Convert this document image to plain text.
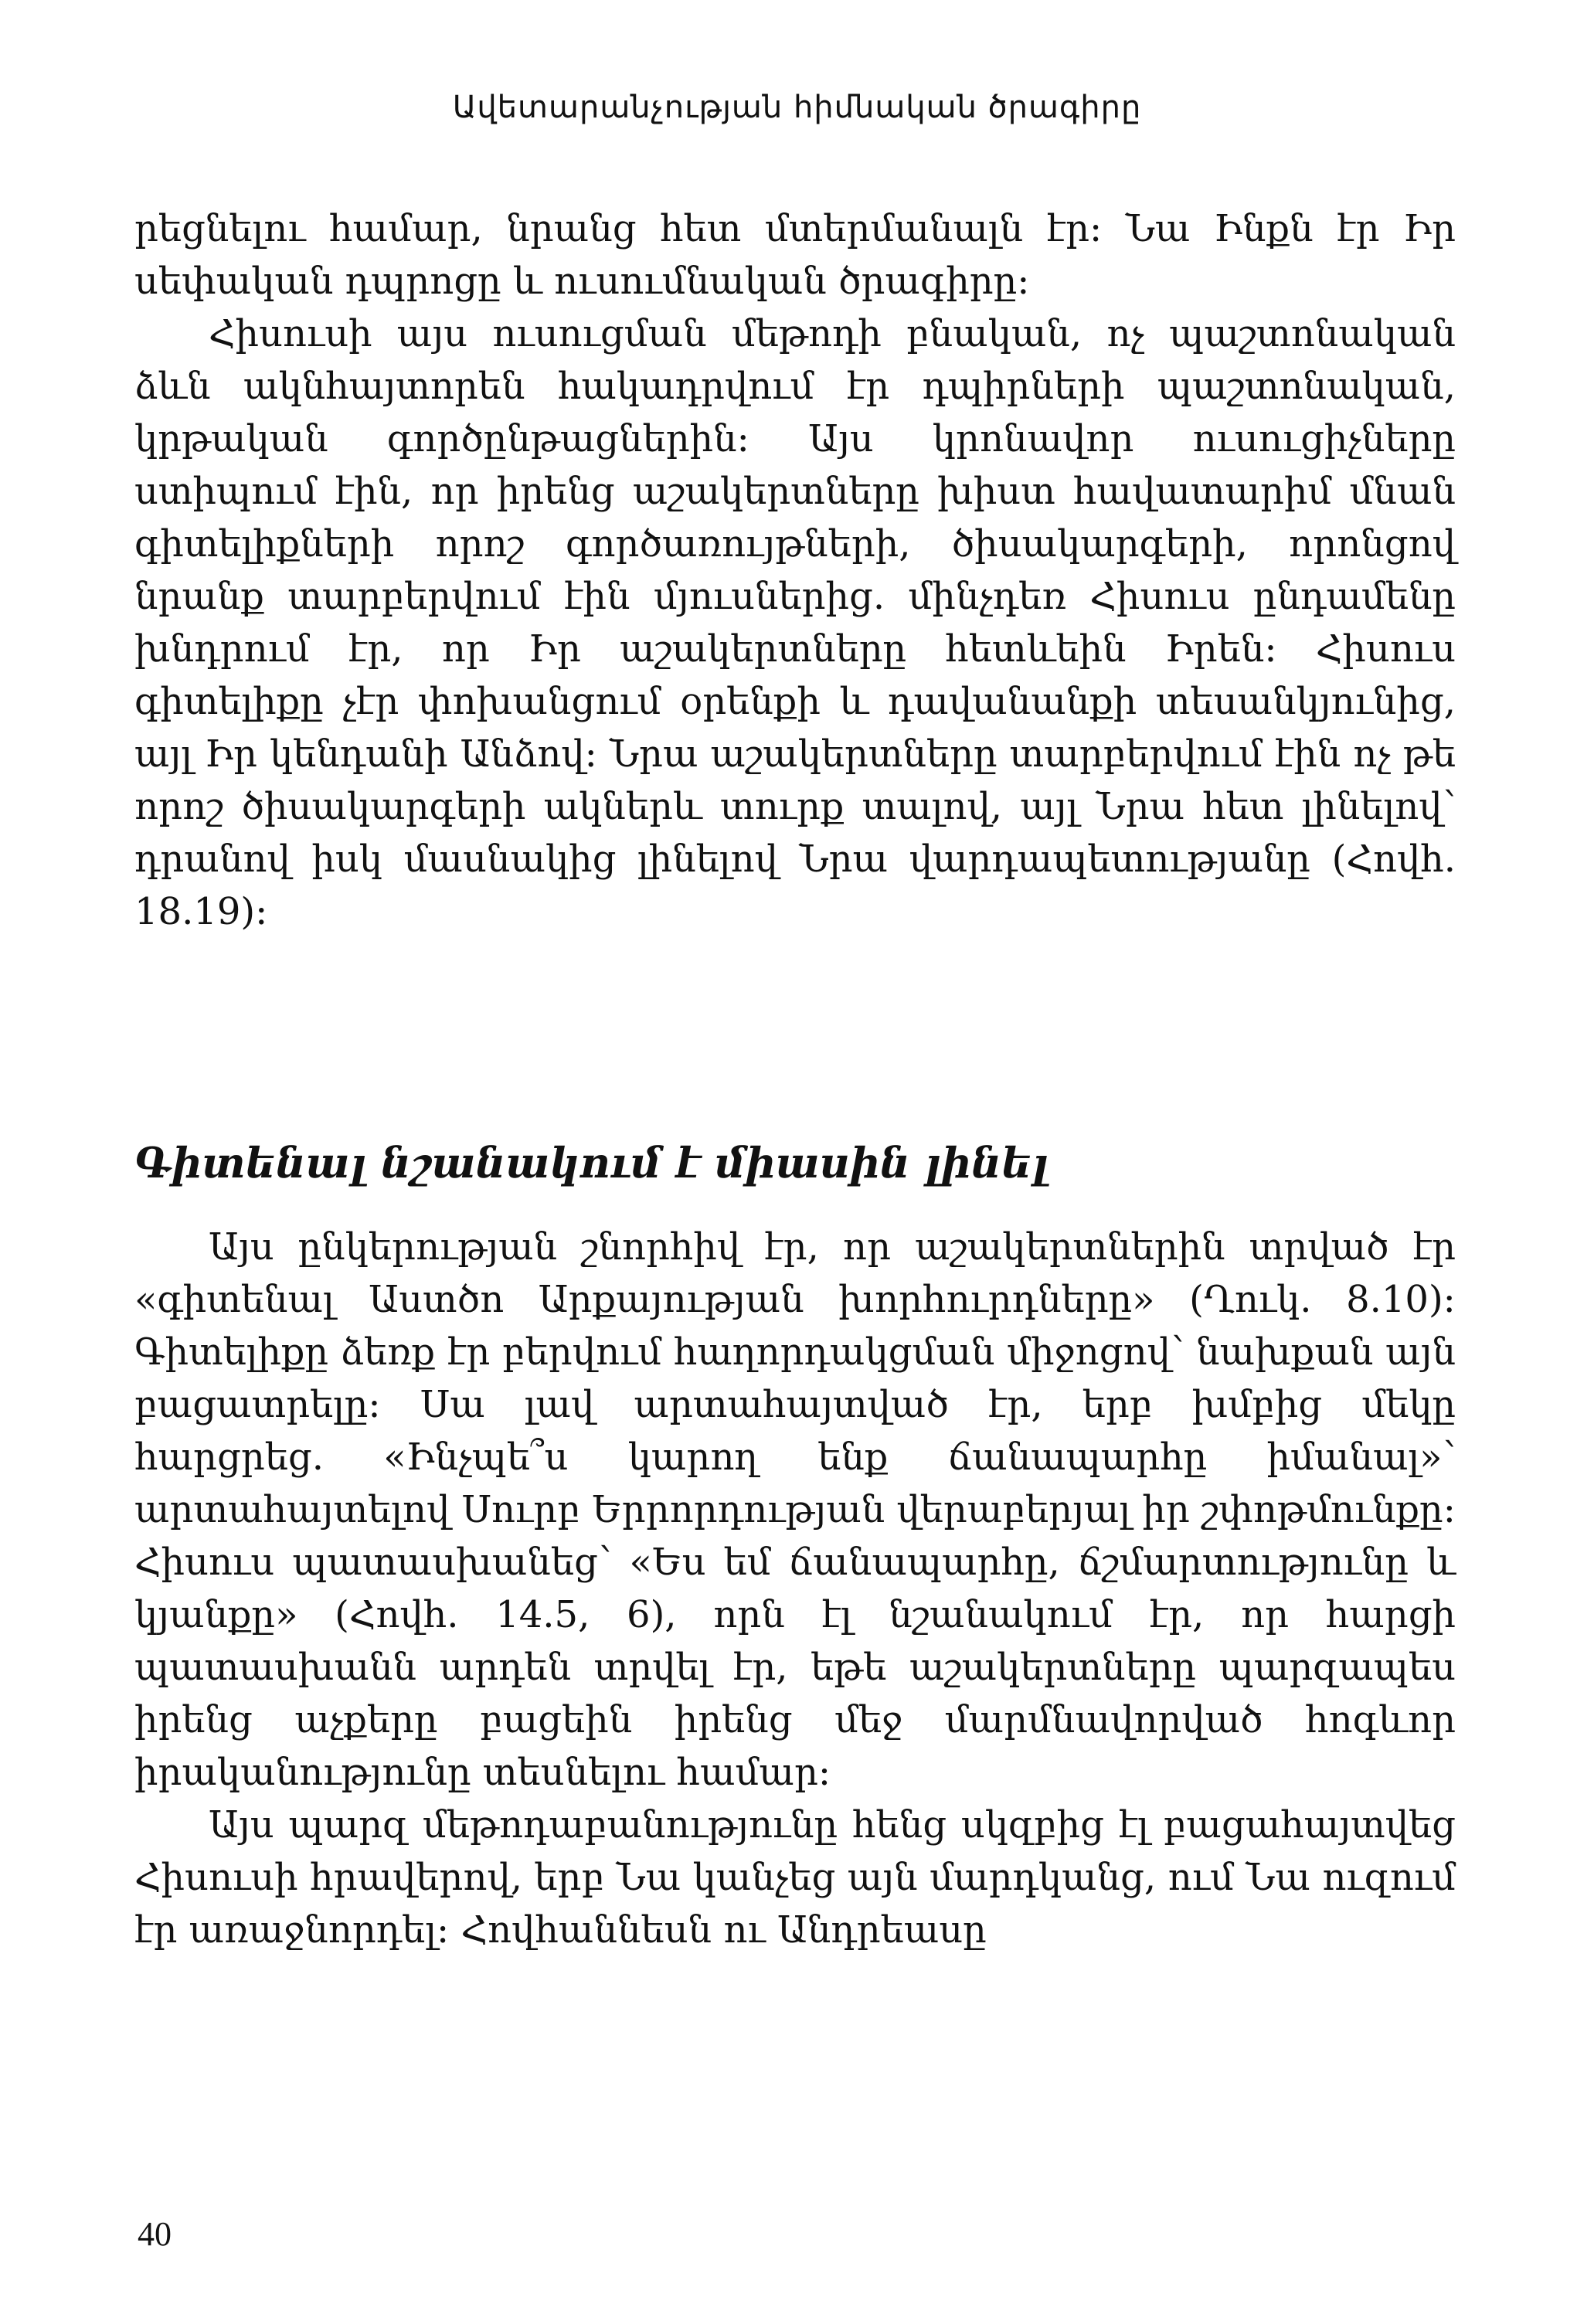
Ավետարանչության հիմնական ծրագիրը

րեցնելու համար, նրանց հետ մտերմանալն էր։ Նա Ինքն էր Իր սեփական դպրոցը և ուսումնական ծրագիրը։

Հիսուսի այս ուսուցման մեթոդի բնական, ոչ պաշտոնական ձևն ակնհայտորեն հակադրվում էր դպիրների պաշտոնական, կրթական գործընթացներին։ Այս կրոնավոր ուսուցիչները ստիպում էին, որ իրենց աշակերտները խիստ հավատարիմ մնան գիտելիքների որոշ գործառույթների, ծիսակարգերի, որոնցով նրանք տարբերվում էին մյուսներից. մինչդեռ Հիսուս ընդամենը խնդրում էր, որ Իր աշակերտները հետևեին Իրեն։ Հիսուս գիտելիքը չէր փոխանցում օրենքի և դավանանքի տեսանկյունից, այլ Իր կենդանի Անձով։ Նրա աշակերտները տարբերվում էին ոչ թե որոշ ծիսակարգերի ակներև տուրք տալով, այլ Նրա հետ լինելով՝ դրանով իսկ մասնակից լինելով Նրա վարդապետությանը (Հովհ. 18.19)։

Գիտենալ նշանակում է միասին լինել

Այս ընկերության շնորհիվ էր, որ աշակերտներին տրված էր «գիտենալ Աստծո Արքայության խորհուրդները» (Ղուկ. 8.10)։ Գիտելիքը ձեռք էր բերվում հաղորդակցման միջոցով՝ նախքան այն բացատրելը։ Սա լավ արտահայտված էր, երբ խմբից մեկը հարցրեց. «Ինչպե՞ս կարող ենք ճանապարհը իմանալ»՝ արտահայտելով Սուրբ Երրորդության վերաբերյալ իր շփոթմունքը։ Հիսուս պատասխանեց՝ «Ես եմ ճանապարհը, ճշմարտությունը և կյանքը» (Հովհ. 14.5, 6), որն էլ նշանակում էր, որ հարցի պատասխանն արդեն տրվել էր, եթե աշակերտները պարզապես իրենց աչքերը բացեին իրենց մեջ մարմնավորված հոգևոր իրականությունը տեսնելու համար։

Այս պարզ մեթոդաբանությունը հենց սկզբից էլ բացահայտվեց Հիսուսի հրավերով, երբ Նա կանչեց այն մարդկանց, ում Նա ուզում էր առաջնորդել։ Հովհաննեսն ու Անդրեասը

40
